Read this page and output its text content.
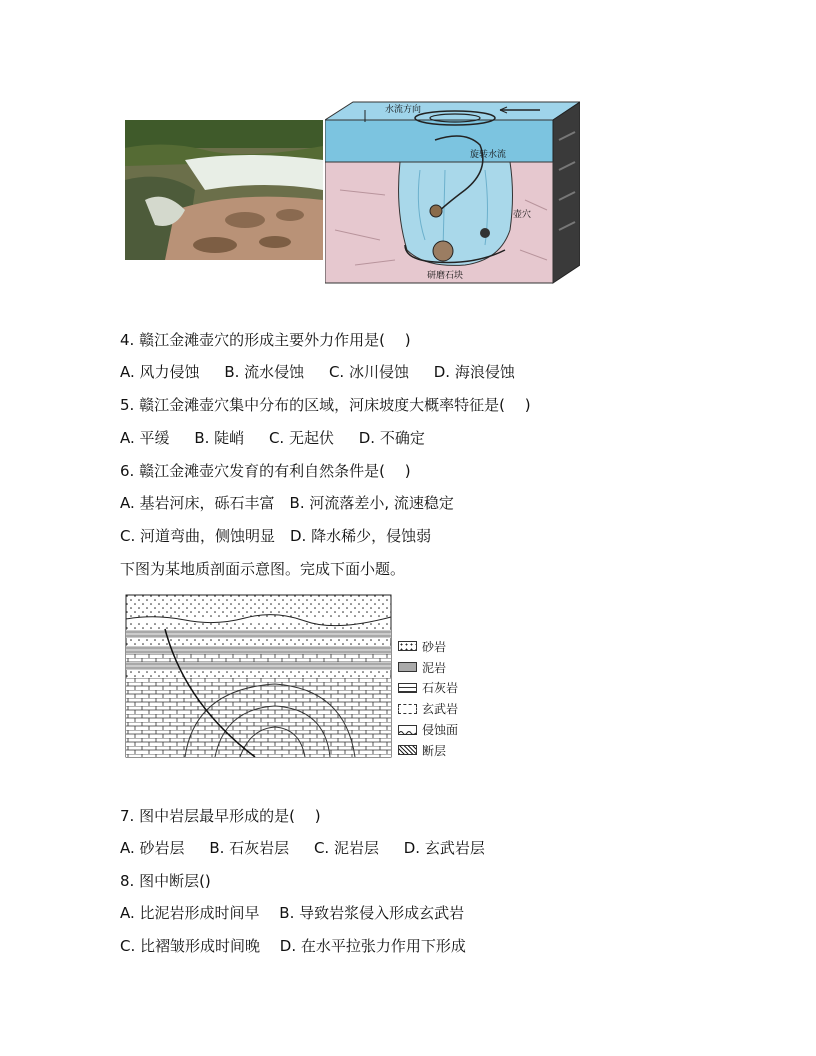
水流方向
旋转水流
壶穴
研磨石块
4. 赣江金滩壶穴的形成主要外力作用是(　 )
A. 风力侵蚀 B. 流水侵蚀 C. 冰川侵蚀 D. 海浪侵蚀
5. 赣江金滩壶穴集中分布的区域，河床坡度大概率特征是(　 )
A. 平缓 B. 陡峭 C. 无起伏 D. 不确定
6. 赣江金滩壶穴发育的有利自然条件是(　 )
A. 基岩河床，砾石丰富　B. 河流落差小, 流速稳定
C. 河道弯曲，侧蚀明显　D. 降水稀少，侵蚀弱
下图为某地质剖面示意图。完成下面小题。
砂岩
泥岩
石灰岩
玄武岩
侵蚀面
断层
7. 图中岩层最早形成的是(　 )
A. 砂岩层 B. 石灰岩层 C. 泥岩层 D. 玄武岩层
8. 图中断层()
A. 比泥岩形成时间早　 B. 导致岩浆侵入形成玄武岩
C. 比褶皱形成时间晚　 D. 在水平拉张力作用下形成
